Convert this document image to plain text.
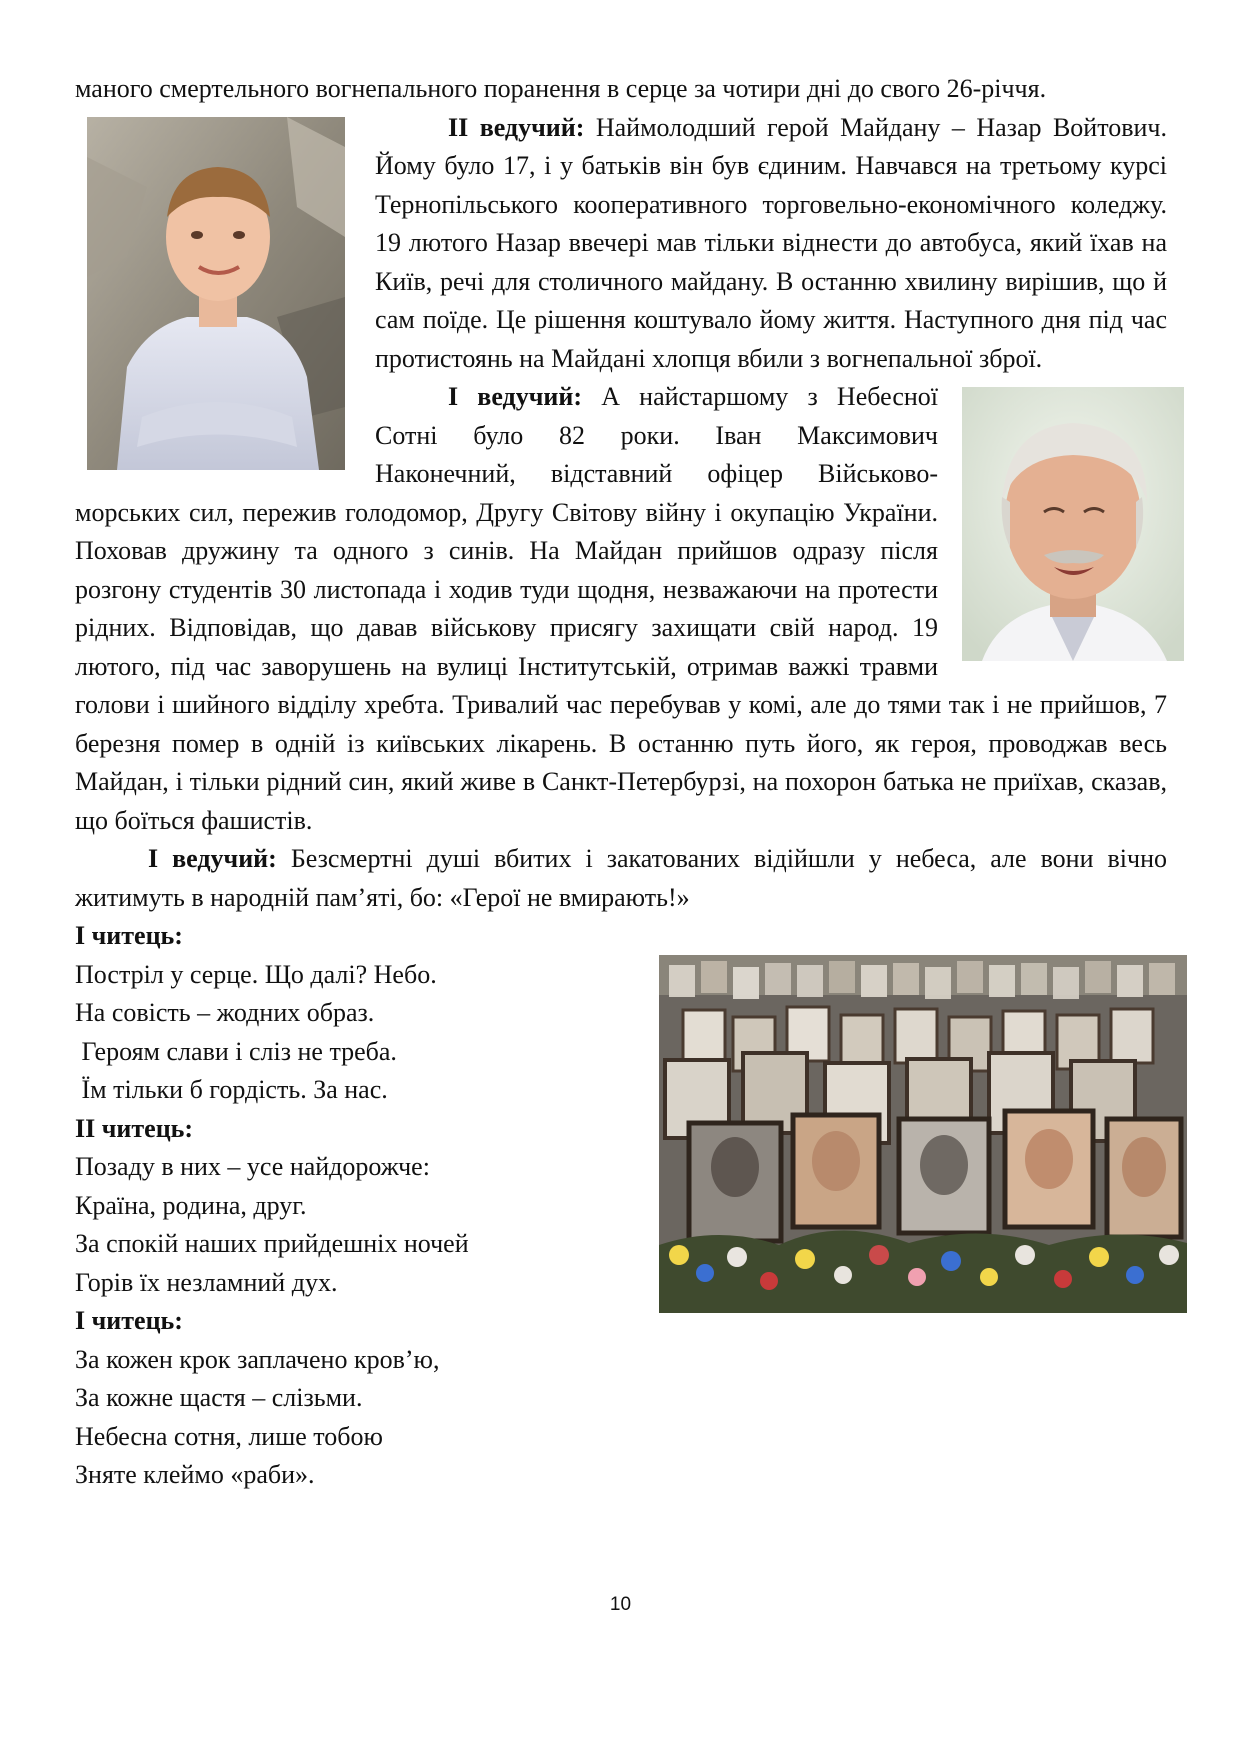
маного смертельного вогнепального поранення в серце за чотири дні до свого 26-річчя.

ІІ ведучий: Наймолодший герой Майдану – Назар Войтович. Йому було 17, і у батьків він був єдиним. Навчався на третьому курсі Тернопільського кооперативного торговельно-економічного коледжу. 19 лютого Назар ввечері мав тільки віднести до автобуса, який їхав на Київ, речі для столичного майдану. В останню хвилину вирішив, що й сам поїде. Це рішення коштувало йому життя. Наступного дня під час протистоянь на Майдані хлопця вбили з вогнепальної зброї.

І ведучий: А найстаршому з Небесної Сотні було 82 роки. Іван Максимович Наконечний, відставний офіцер Військово-морських сил, пережив голодомор, Другу Світову війну і окупацію України. Поховав дружину та одного з синів. На Майдан прийшов одразу після розгону студентів 30 листопада і ходив туди щодня, незважаючи на протести рідних. Відповідав, що давав військову присягу захищати свій народ. 19 лютого, під час заворушень на вулиці Інститутській, отримав важкі травми голови і шийного відділу хребта. Тривалий час перебував у комі, але до тями так і не прийшов, 7 березня помер в одній із київських лікарень. В останню путь його, як героя, проводжав весь Майдан, і тільки рідний син, який живе в Санкт-Петербурзі, на похорон батька не приїхав, сказав, що боїться фашистів.

І ведучий: Безсмертні душі вбитих і закатованих відійшли у небеса, але вони вічно житимуть в народній пам’яті, бо: «Герої не вмирають!»

І читець:

Постріл у серце. Що далі? Небо.

На совість – жодних образ.

Героям слави і сліз не треба.

Їм тільки б гордість. За нас.

ІІ читець:

Позаду в них – усе найдорожче:

Країна, родина, друг.

За спокій наших прийдешніх ночей

Горів їх незламний дух.

І читець:

За кожен крок заплачено кров’ю,

За кожне щастя – слізьми.

Небесна сотня, лише тобою

Зняте клеймо «раби».

10
